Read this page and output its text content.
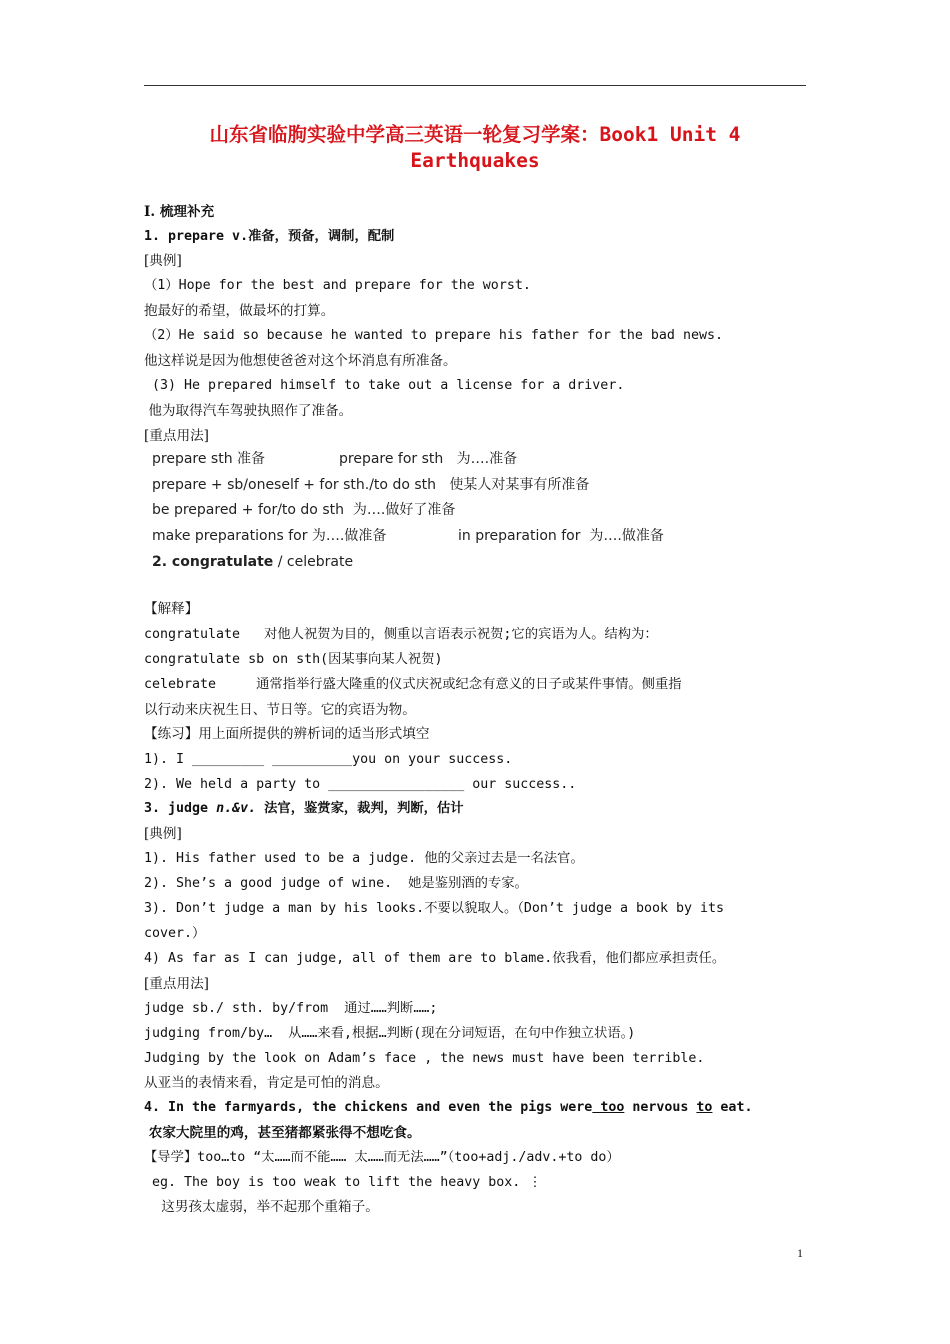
山东省临朐实验中学高三英语一轮复习学案：Book1 Unit 4
Earthquakes
I. 梳理补充
1. prepare v.准备，预备，调制，配制
[典例]
（1）Hope for the best and prepare for the worst.
抱最好的希望，做最坏的打算。
（2）He said so because he wanted to prepare his father for the bad news.
他这样说是因为他想使爸爸对这个坏消息有所准备。
(3) He prepared himself to take out a license for a driver.
他为取得汽车驾驶执照作了准备。
[重点用法]
prepare sth 准备	prepare for sth   为….准备
prepare + sb/oneself + for sth./to do sth   使某人对某事有所准备
be prepared + for/to do sth  为….做好了准备
make preparations for 为….做准备	in preparation for  为….做准备
2. congratulate / celebrate
【解释】
congratulate   对他人祝贺为目的，侧重以言语表示祝贺;它的宾语为人。结构为：
congratulate sb on sth(因某事向某人祝贺)
celebrate     通常指举行盛大隆重的仪式庆祝或纪念有意义的日子或某件事情。侧重指
以行动来庆祝生日、节日等。它的宾语为物。
【练习】用上面所提供的辨析词的适当形式填空
1). I _________ __________you on your success.
2). We held a party to _________________ our success..
3. judge n.&v. 法官，鉴赏家，裁判，判断，估计
[典例]
1). His father used to be a judge. 他的父亲过去是一名法官。
2). She’s a good judge of wine.  她是鉴别酒的专家。
3). Don’t judge a man by his looks.不要以貌取人。（Don’t judge a book by its
cover.）
4) As far as I can judge, all of them are to blame.依我看，他们都应承担责任。
[重点用法]
judge sb./ sth. by/from  通过……判断……;
judging from/by…  从……来看,根据…判断(现在分词短语，在句中作独立状语。)
Judging by the look on Adam’s face , the news must have been terrible.
从亚当的表情来看，肯定是可怕的消息。
4. In the farmyards, the chickens and even the pigs were too nervous to eat.
农家大院里的鸡，甚至猪都紧张得不想吃食。
【导学】too…to “太……而不能…… 太……而无法……”（too+adj./adv.+to do）
eg. The boy is too weak to lift the heavy box. ⋮
这男孩太虚弱，举不起那个重箱子。
1
